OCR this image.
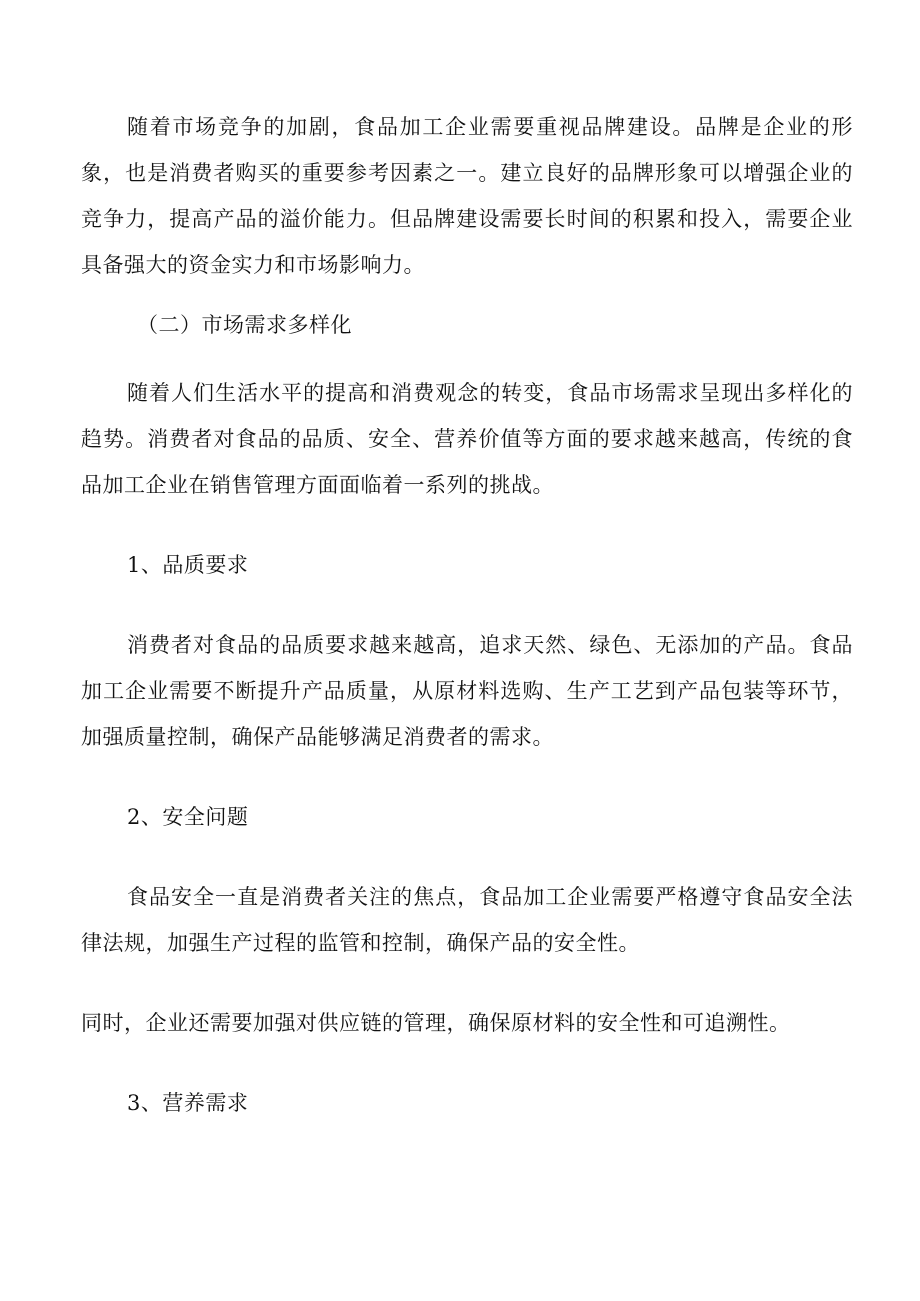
随着市场竞争的加剧，食品加工企业需要重视品牌建设。品牌是企业的形象，也是消费者购买的重要参考因素之一。建立良好的品牌形象可以增强企业的竞争力，提高产品的溢价能力。但品牌建设需要长时间的积累和投入，需要企业具备强大的资金实力和市场影响力。

（二）市场需求多样化

随着人们生活水平的提高和消费观念的转变，食品市场需求呈现出多样化的趋势。消费者对食品的品质、安全、营养价值等方面的要求越来越高，传统的食品加工企业在销售管理方面面临着一系列的挑战。

1、品质要求

消费者对食品的品质要求越来越高，追求天然、绿色、无添加的产品。食品加工企业需要不断提升产品质量，从原材料选购、生产工艺到产品包装等环节，加强质量控制，确保产品能够满足消费者的需求。

2、安全问题

食品安全一直是消费者关注的焦点，食品加工企业需要严格遵守食品安全法律法规，加强生产过程的监管和控制，确保产品的安全性。

同时，企业还需要加强对供应链的管理，确保原材料的安全性和可追溯性。

3、营养需求
